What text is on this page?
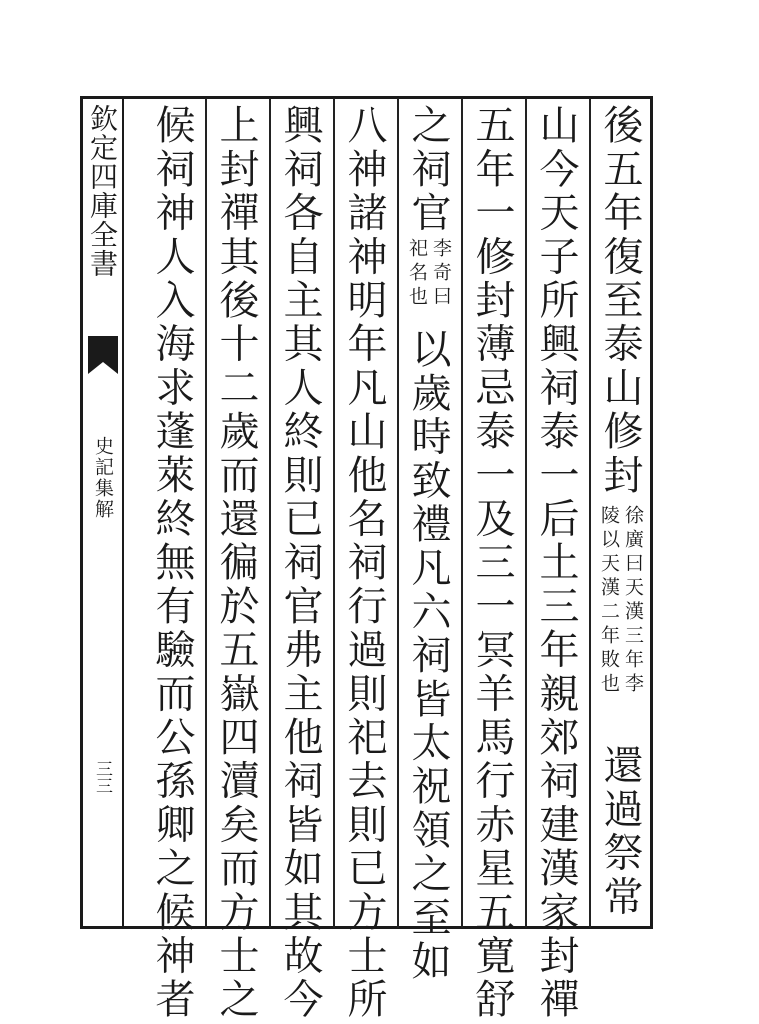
欽定四庫全書
史記集解
三三
後五年復至泰山修封
徐廣曰天漢三年李
陵以天漢二年敗也
還過祭常
山今天子所興祠泰一后土三年親郊祠建漢家封禪
五年一修封薄忌泰一及三一冥羊馬行赤星五寛舒
之祠官
李奇曰
祀名也
以歲時致禮凡六祠皆太祝領之至如
八神諸神明年凡山他名祠行過則祀去則已方士所
興祠各自主其人終則已祠官弗主他祠皆如其故今
上封禪其後十二歲而還徧於五嶽四瀆矣而方士之
候祠神人入海求蓬萊終無有驗而公孫卿之候神者
